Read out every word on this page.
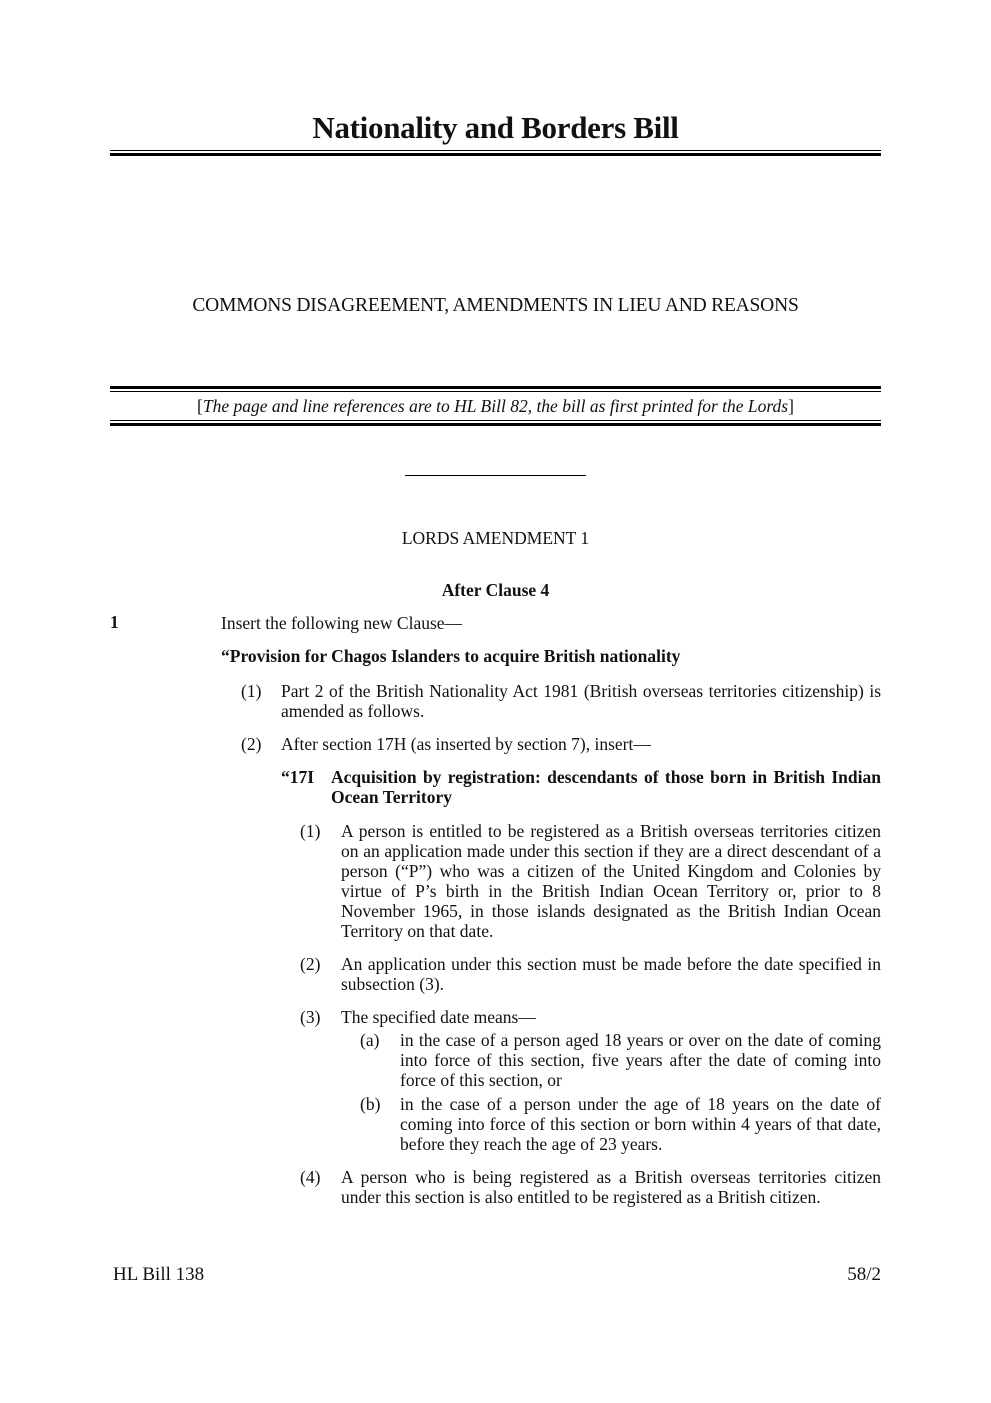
Nationality and Borders Bill
COMMONS DISAGREEMENT, AMENDMENTS IN LIEU AND REASONS
[The page and line references are to HL Bill 82, the bill as first printed for the Lords]
LORDS AMENDMENT 1
After Clause 4
1	Insert the following new Clause—
“Provision for Chagos Islanders to acquire British nationality
(1) Part 2 of the British Nationality Act 1981 (British overseas territories citizenship) is amended as follows.
(2) After section 17H (as inserted by section 7), insert—
“17I Acquisition by registration: descendants of those born in British Indian Ocean Territory
(1) A person is entitled to be registered as a British overseas territories citizen on an application made under this section if they are a direct descendant of a person (“P”) who was a citizen of the United Kingdom and Colonies by virtue of P’s birth in the British Indian Ocean Territory or, prior to 8 November 1965, in those islands designated as the British Indian Ocean Territory on that date.
(2) An application under this section must be made before the date specified in subsection (3).
(3) The specified date means—
(a) in the case of a person aged 18 years or over on the date of coming into force of this section, five years after the date of coming into force of this section, or
(b) in the case of a person under the age of 18 years on the date of coming into force of this section or born within 4 years of that date, before they reach the age of 23 years.
(4) A person who is being registered as a British overseas territories citizen under this section is also entitled to be registered as a British citizen.
HL Bill 138	58/2
